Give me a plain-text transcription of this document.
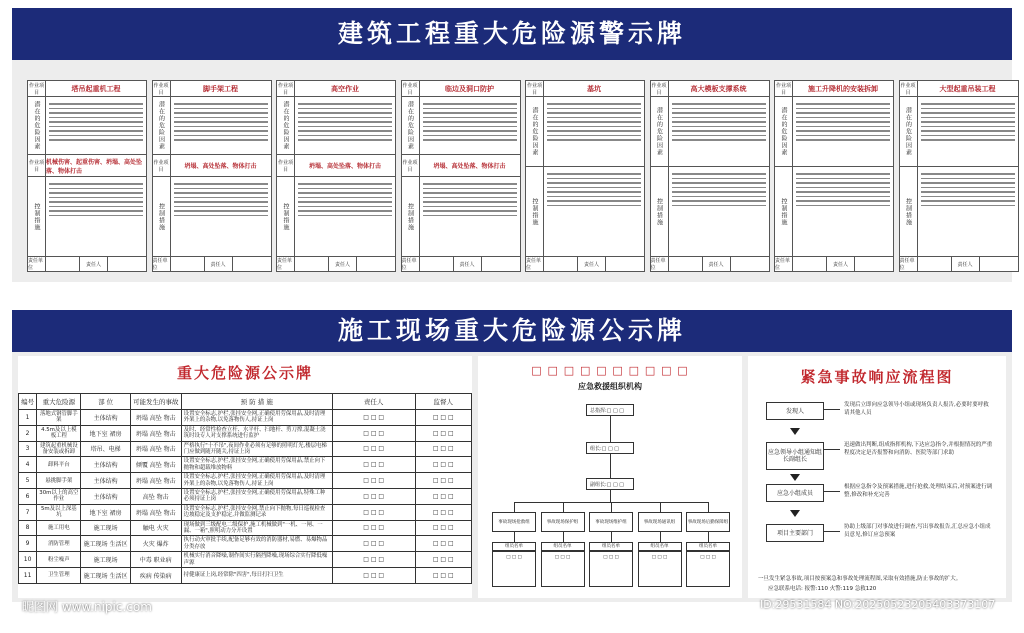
建筑工程重大危险源警示牌
作业项目	塔吊起重机工程
潜在的危险因素
作业项目
机械伤害、起重伤害、坍塌、高处坠落、物体打击
控制措施
责任单位
责任人
作业项目	脚手架工程
潜在的危险因素
作业项目	坍塌、高处坠落、物体打击
控制措施
责任单位
责任人
作业项目	高空作业
潜在的危险因素
作业项目	坍塌、高处坠落、物体打击
控制措施
责任单位
责任人
作业项目	临边及洞口防护
潜在的危险因素
作业项目	坍塌、高处坠落、物体打击
控制措施
责任单位
责任人
作业项目	基坑
潜在的危险因素
控制措施
责任单位
责任人
作业项目	高大模板支撑系统
潜在的危险因素
控制措施
责任单位
责任人
作业项目	施工升降机的安装拆卸
潜在的危险因素
控制措施
责任单位
责任人
作业项目	大型起重吊装工程
潜在的危险因素
控制措施
责任单位
责任人
施工现场重大危险源公示牌
重大危险源公示牌
编号	重大危险源	部 位	可能发生的事故	预 防 措 施	责任人	监督人
1	落地式钢管脚手架	主体结构	坍塌 高坠 物击	设置安全标志,护栏,张挂安全网,正确使用劳保用品,及时清理外架上的杂物,以免落物伤人,持证上岗	□ □ □	□ □ □
2	4.5m及以上模板工程	地下室 裙房	坍塌 高坠 物击	及时、经常性检查立杆、水平杆、扫地杆、剪刀撑,混凝土浇筑时设专人对支撑系统进行监护	□ □ □	□ □ □
3	建筑起重机械设备安装或拆卸	塔吊、电梯	坍塌 高坠 物击	严格执行"十不吊",夜间作业必须有足够的照明灯光,楼层电梯门应做到随开随关,持证上岗	□ □ □	□ □ □
4	卸料平台	主体结构	倾覆 高坠 物击	设置安全标志,护栏,张挂安全网,正确使用劳保用品,禁止向下抛物和超载堆放物料	□ □ □	□ □ □
5	悬挑脚手架	主体结构	坍塌 高坠 物击	设置安全标志,护栏,张挂安全网,正确使用劳保用品,及时清理外架上的杂物,以免落物伤人,持证上岗	□ □ □	□ □ □
6	30m以上的高空作业	主体结构	高坠 物击	设置安全标志,护栏,张挂安全网,正确使用劳保用品,特殊工种必须持证上岗	□ □ □	□ □ □
7	5m及以上深基坑	地下室 裙房	坍塌 高坠 物击	设置安全标志,护栏,张挂安全网,禁止向下抛物,每日巡视检查边坡稳定及支护稳定,并做监测记录	□ □ □	□ □ □
8	施工用电	施工现场	触电 火灾	现场做到三级配电二级保护,施工机械做到"一机、一闸、一漏、一箱",照明动力分开设置	□ □ □	□ □ □
9	消防管理	施工现场 生活区	火灾 爆炸	执行动火审批手续,配备足够有效的消防器材,易燃、易爆物品分类存放	□ □ □	□ □ □
10	粉尘噪声	施工现场	中毒 职业病	机械实行消音降噪,制作间实行隔挡降噪,现场综合实行降低噪声源	□ □ □	□ □ □
11	卫生管理	施工现场 生活区	疾病 传染病	持健康证上岗,经常除"四害",每日打扫卫生	□ □ □	□ □ □
□ □ □ □ □ □ □ □ □ □
应急救援组织机构
总指挥:□ □ □
组长:□ □ □
副组长:□ □ □
事故现场抢救组
组员名单
□ □ □
事故现场保护组
组员名单
□ □ □
事故现场维护组
组员名单
□ □ □
事故现场通讯组
组员名单
□ □ □
事故现场后勤保障组
组员名单
□ □ □
紧急事故响应流程图
发现人
发现后立即向应急领导小组或现场负责人报告,必要时要呼救请其他人员
应急领导小组通知组长副组长
迅速做出判断,组成指挥机构,下达应急指令,并根据情况的严重程度决定是否报警和向消防、医院等部门求助
应急小组成员
根据应急指令及预案措施,进行抢救,处理结束后,对预案进行调整,修改和补充完善
项目主要部门
协助上级部门对事故进行调查,写出事故报告,汇总应急小组成员意见,修订应急预案
一旦发生紧急事故,项目按预案急和事故处理流程图,采取有效措施,防止事故的扩大。
应急联系电话: 报警:110 火警:119 急救120
昵图网 www.nipic.com	ID:29531584 NO:20250523205403373107
